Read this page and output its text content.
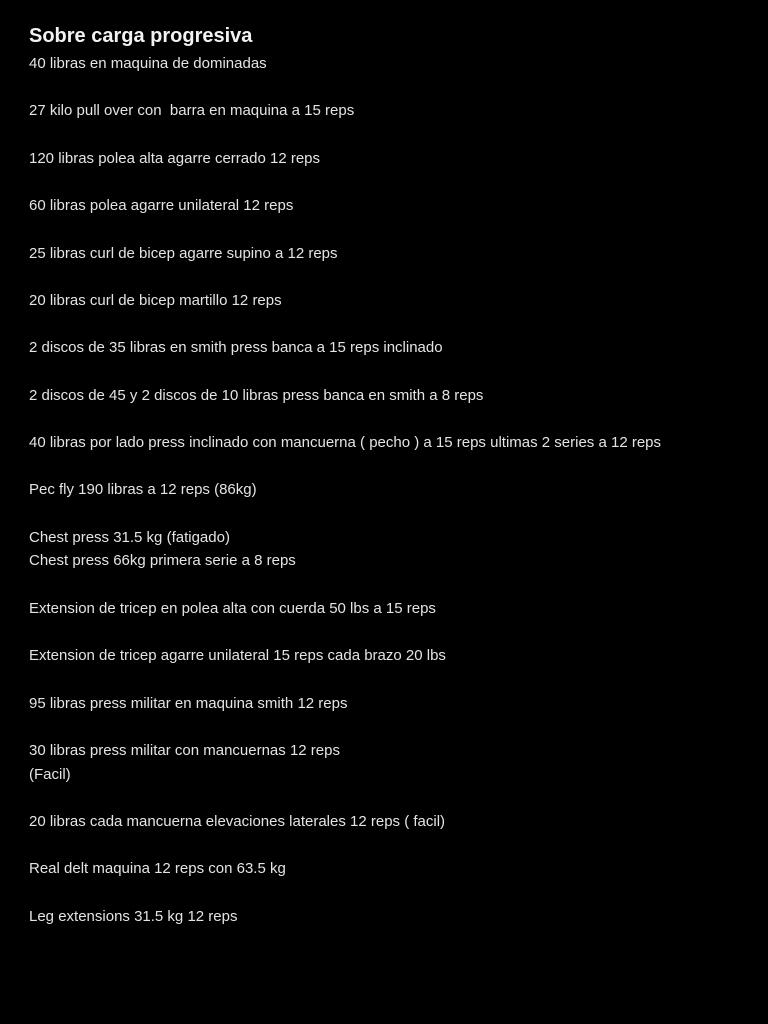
Sobre carga progresiva
40 libras en maquina de dominadas
27 kilo pull over con  barra en maquina a 15 reps
120 libras polea alta agarre cerrado 12 reps
60 libras polea agarre unilateral 12 reps
25 libras curl de bicep agarre supino a 12 reps
20 libras curl de bicep martillo 12 reps
2 discos de 35 libras en smith press banca a 15 reps inclinado
2 discos de 45 y 2 discos de 10 libras press banca en smith a 8 reps
40 libras por lado press inclinado con mancuerna ( pecho ) a 15 reps ultimas 2 series a 12 reps
Pec fly 190 libras a 12 reps (86kg)
Chest press 31.5 kg (fatigado)
Chest press 66kg primera serie a 8 reps
Extension de tricep en polea alta con cuerda 50 lbs a 15 reps
Extension de tricep agarre unilateral 15 reps cada brazo 20 lbs
95 libras press militar en maquina smith 12 reps
30 libras press militar con mancuernas 12 reps
(Facil)
20 libras cada mancuerna elevaciones laterales 12 reps ( facil)
Real delt maquina 12 reps con 63.5 kg
Leg extensions 31.5 kg 12 reps
